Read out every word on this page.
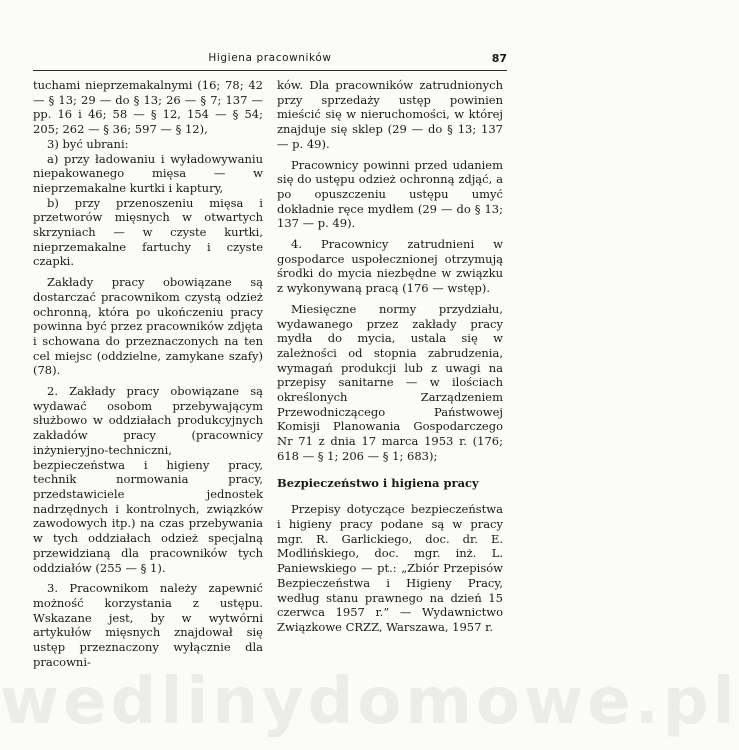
Higiena pracowników	87

tuchami nieprzemakalnymi (16; 78; 42 — § 13; 29 — do § 13; 26 — § 7; 137 — pp. 16 i 46; 58 — § 12, 154 — § 54; 205; 262 — § 36; 597 — § 12),

3) być ubrani:

a) przy ładowaniu i wyładowywaniu niepakowanego mięsa — w nieprzemakalne kurtki i kaptury,

b) przy przenoszeniu mięsa i przetworów mięsnych w otwartych skrzyniach — w czyste kurtki, nieprzemakalne fartuchy i czyste czapki.

Zakłady pracy obowiązane są dostarczać pracownikom czystą odzież ochronną, która po ukończeniu pracy powinna być przez pracowników zdjęta i schowana do przeznaczonych na ten cel miejsc (oddzielne, zamykane szafy) (78).

2. Zakłady pracy obowiązane są wydawać osobom przebywającym służbowo w oddziałach produkcyjnych zakładów pracy (pracownicy inżynieryjno-techniczni, bezpieczeństwa i higieny pracy, technik normowania pracy, przedstawiciele jednostek nadrzędnych i kontrolnych, związków zawodowych itp.) na czas przebywania w tych oddziałach odzież specjalną przewidzianą dla pracowników tych oddziałów (255 — § 1).

3. Pracownikom należy zapewnić możność korzystania z ustępu. Wskazane jest, by w wytwórni artykułów mięsnych znajdował się ustęp przeznaczony wyłącznie dla pracowni-

ków. Dla pracowników zatrudnionych przy sprzedaży ustęp powinien mieścić się w nieruchomości, w której znajduje się sklep (29 — do § 13; 137 — p. 49).

Pracownicy powinni przed udaniem się do ustępu odzież ochronną zdjąć, a po opuszczeniu ustępu umyć dokładnie ręce mydłem (29 — do § 13; 137 — p. 49).

4. Pracownicy zatrudnieni w gospodarce uspołecznionej otrzymują środki do mycia niezbędne w związku z wykonywaną pracą (176 — wstęp).

Miesięczne normy przydziału, wydawanego przez zakłady pracy mydła do mycia, ustala się w zależności od stopnia zabrudzenia, wymagań produkcji lub z uwagi na przepisy sanitarne — w ilościach określonych Zarządzeniem Przewodniczącego Państwowej Komisji Planowania Gospodarczego Nr 71 z dnia 17 marca 1953 r. (176; 618 — § 1; 206 — § 1; 683);

Bezpieczeństwo i higiena pracy

Przepisy dotyczące bezpieczeństwa i higieny pracy podane są w pracy mgr. R. Garlickiego, doc. dr. E. Modlińskiego, doc. mgr. inż. L. Paniewskiego — pt.: „Zbiór Przepisów Bezpieczeństwa i Higieny Pracy, według stanu prawnego na dzień 15 czerwca 1957 r.” — Wydawnictwo Związkowe CRZZ, Warszawa, 1957 r.

wedlinydomowe.pl
